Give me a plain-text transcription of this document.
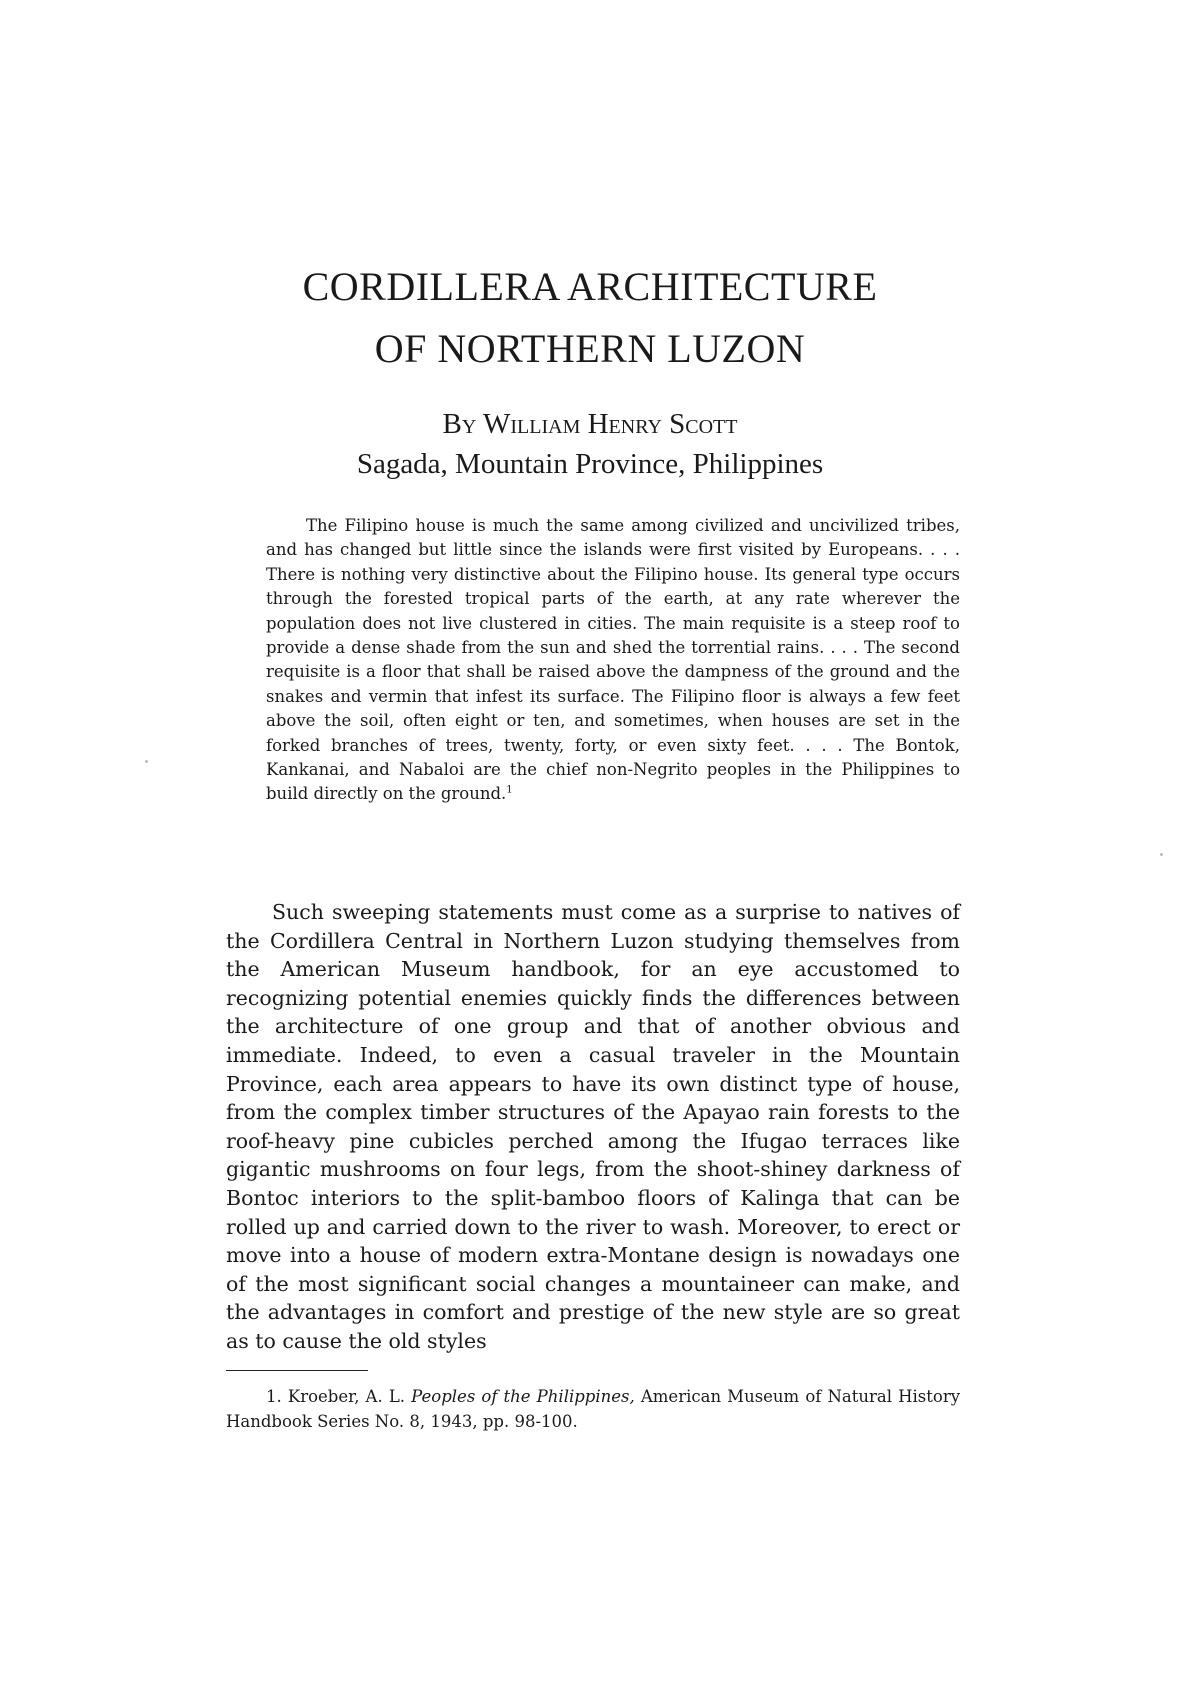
CORDILLERA ARCHITECTURE
OF NORTHERN LUZON
By William Henry Scott
Sagada, Mountain Province, Philippines

The Filipino house is much the same among civilized and uncivilized tribes, and has changed but little since the islands were first visited by Europeans. . . . There is nothing very distinctive about the Filipino house. Its general type occurs through the forested tropical parts of the earth, at any rate wherever the population does not live clustered in cities. The main requisite is a steep roof to provide a dense shade from the sun and shed the torrential rains. . . . The second requisite is a floor that shall be raised above the dampness of the ground and the snakes and vermin that infest its surface. The Filipino floor is always a few feet above the soil, often eight or ten, and sometimes, when houses are set in the forked branches of trees, twenty, forty, or even sixty feet. . . . The Bontok, Kankanai, and Nabaloi are the chief non-Negrito peoples in the Philippines to build directly on the ground.$^1$

Such sweeping statements must come as a surprise to natives of the Cordillera Central in Northern Luzon studying themselves from the American Museum handbook, for an eye accustomed to recognizing potential enemies quickly finds the differences between the architecture of one group and that of another obvious and immediate. Indeed, to even a casual traveler in the Mountain Province, each area appears to have its own distinct type of house, from the complex timber structures of the Apayao rain forests to the roof-heavy pine cubicles perched among the Ifugao terraces like gigantic mushrooms on four legs, from the shoot-shiney darkness of Bontoc interiors to the split-bamboo floors of Kalinga that can be rolled up and carried down to the river to wash. Moreover, to erect or move into a house of modern extra-Montane design is nowadays one of the most significant social changes a mountaineer can make, and the advantages in comfort and prestige of the new style are so great as to cause the old styles

1. Kroeber, A. L. Peoples of the Philippines, American Museum of Natural History Handbook Series No. 8, 1943, pp. 98-100.
